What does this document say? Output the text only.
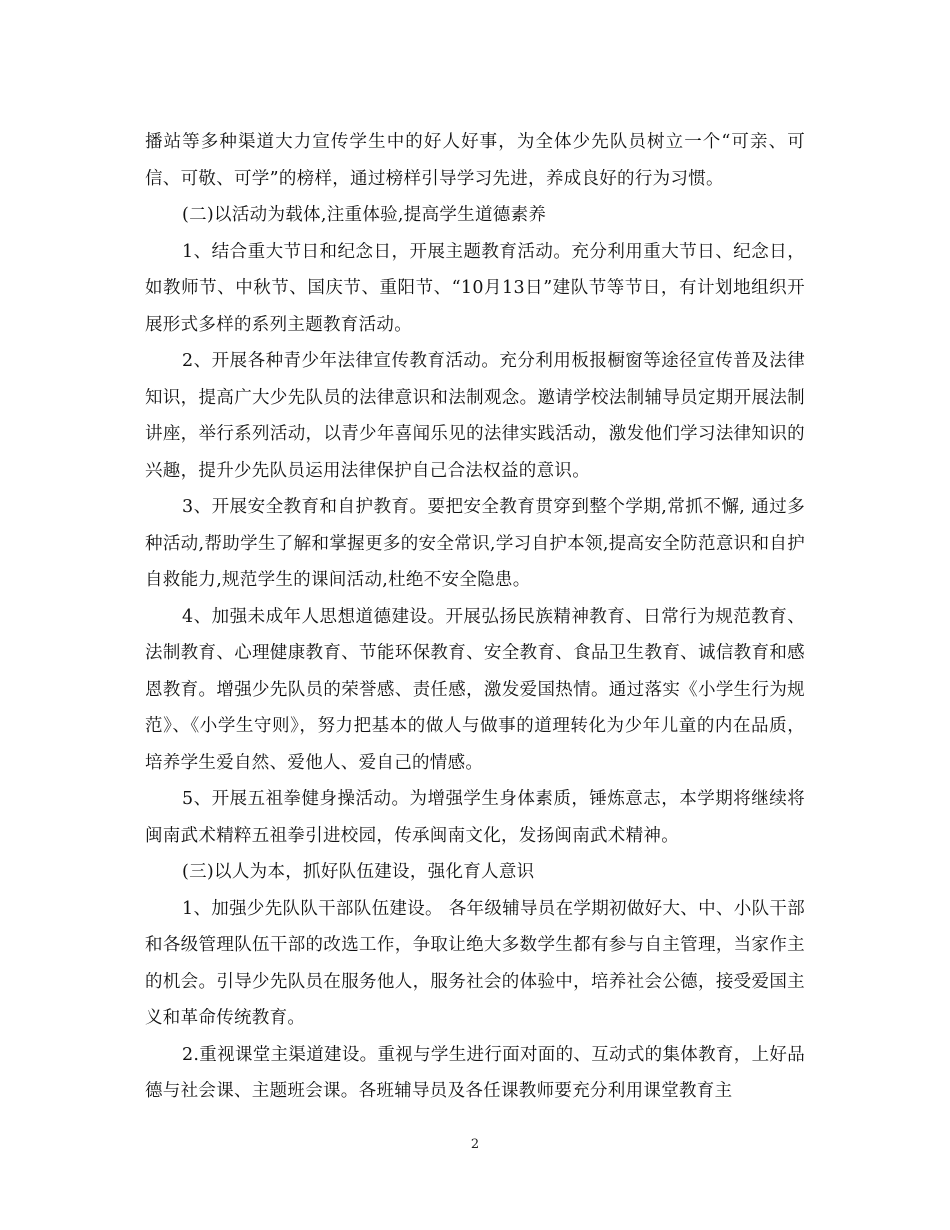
播站等多种渠道大力宣传学生中的好人好事，为全体少先队员树立一个“可亲、可信、可敬、可学”的榜样，通过榜样引导学习先进，养成良好的行为习惯。

(二)以活动为载体,注重体验,提高学生道德素养

1、结合重大节日和纪念日，开展主题教育活动。充分利用重大节日、纪念日，如教师节、中秋节、国庆节、重阳节、“10月13日”建队节等节日，有计划地组织开展形式多样的系列主题教育活动。

2、开展各种青少年法律宣传教育活动。充分利用板报橱窗等途径宣传普及法律知识，提高广大少先队员的法律意识和法制观念。邀请学校法制辅导员定期开展法制讲座，举行系列活动，以青少年喜闻乐见的法律实践活动，激发他们学习法律知识的兴趣，提升少先队员运用法律保护自己合法权益的意识。

3、开展安全教育和自护教育。要把安全教育贯穿到整个学期,常抓不懈, 通过多种活动,帮助学生了解和掌握更多的安全常识,学习自护本领,提高安全防范意识和自护自救能力,规范学生的课间活动,杜绝不安全隐患。

4、加强未成年人思想道德建设。开展弘扬民族精神教育、日常行为规范教育、法制教育、心理健康教育、节能环保教育、安全教育、食品卫生教育、诚信教育和感恩教育。增强少先队员的荣誉感、责任感，激发爱国热情。通过落实《小学生行为规范》、《小学生守则》，努力把基本的做人与做事的道理转化为少年儿童的内在品质，培养学生爱自然、爱他人、爱自己的情感。

5、开展五祖拳健身操活动。为增强学生身体素质，锤炼意志，本学期将继续将闽南武术精粹五祖拳引进校园，传承闽南文化，发扬闽南武术精神。

(三)以人为本，抓好队伍建设，强化育人意识

1、加强少先队队干部队伍建设。 各年级辅导员在学期初做好大、中、小队干部和各级管理队伍干部的改选工作，争取让绝大多数学生都有参与自主管理，当家作主的机会。引导少先队员在服务他人，服务社会的体验中，培养社会公德，接受爱国主义和革命传统教育。

2.重视课堂主渠道建设。重视与学生进行面对面的、互动式的集体教育，上好品德与社会课、主题班会课。各班辅导员及各任课教师要充分利用课堂教育主

2
